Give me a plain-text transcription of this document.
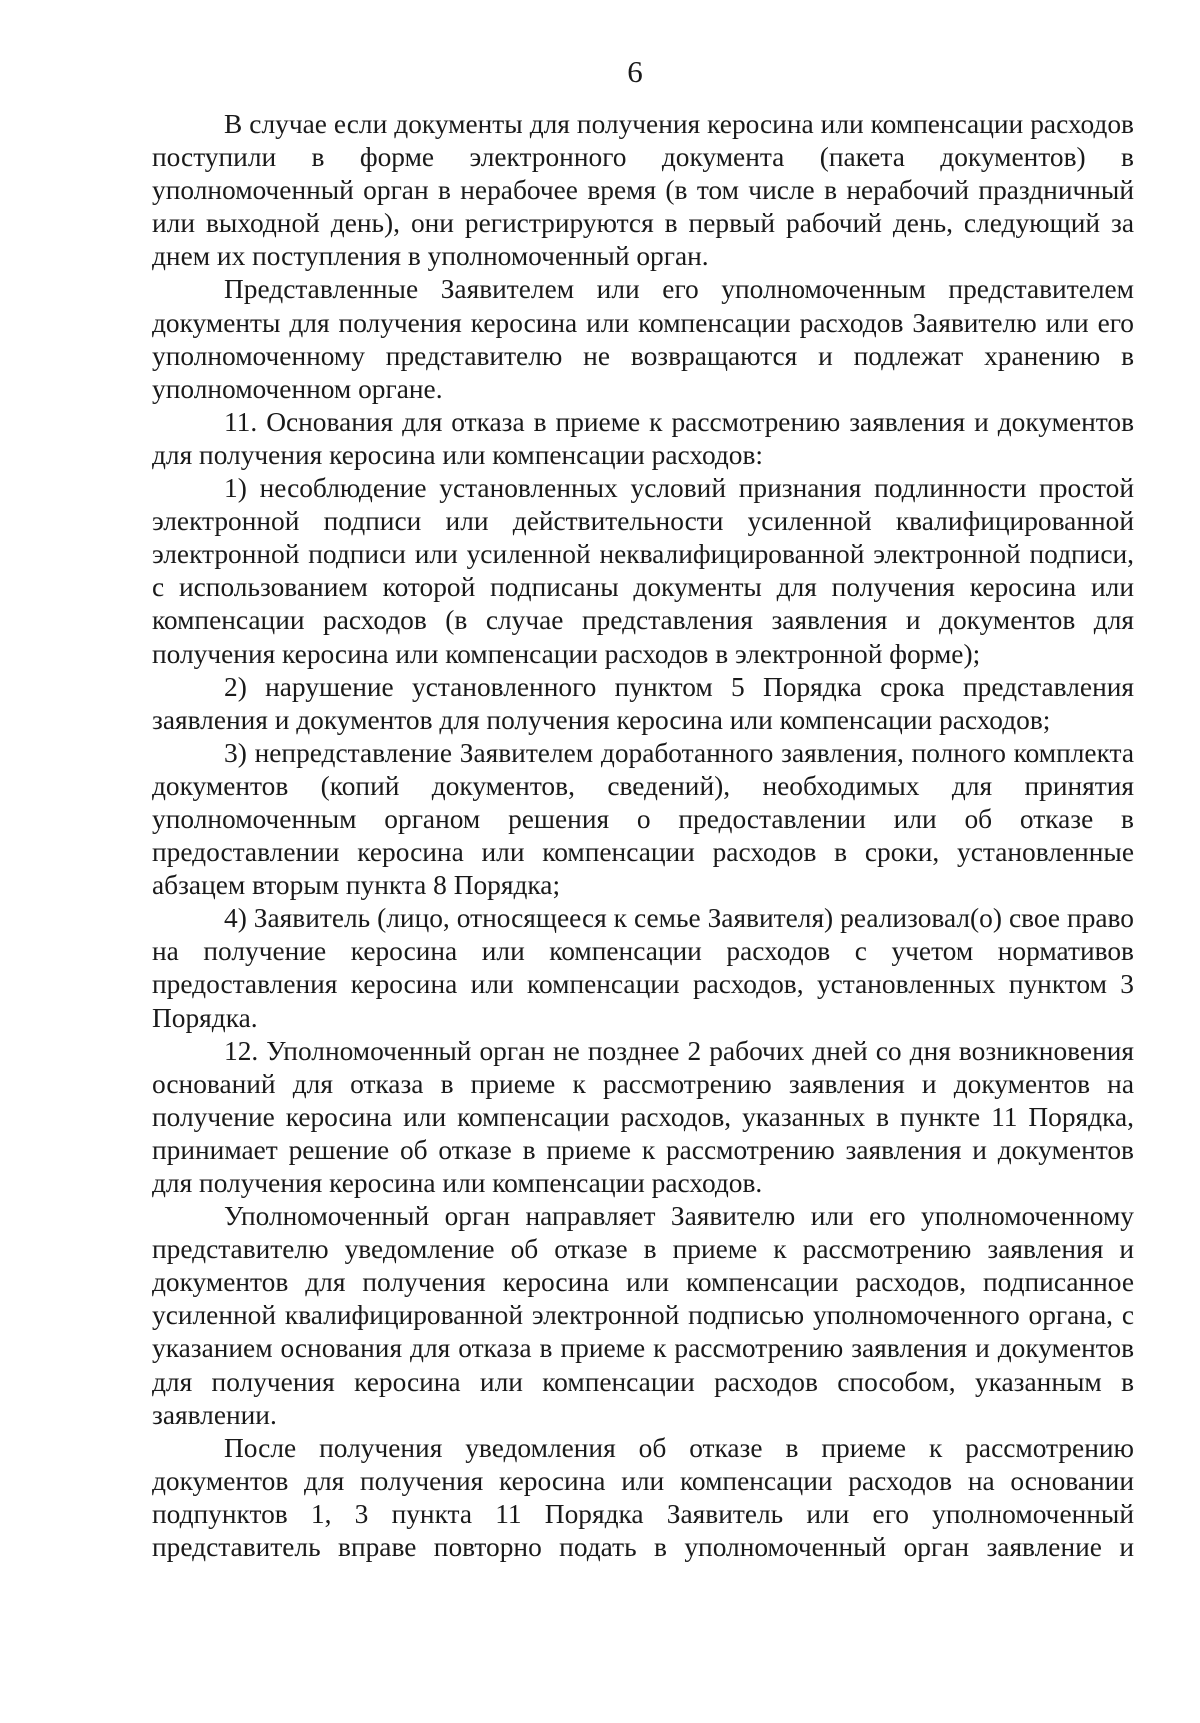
6

В случае если документы для получения керосина или компенсации расходов поступили в форме электронного документа (пакета документов) в уполномоченный орган в нерабочее время (в том числе в нерабочий праздничный или выходной день), они регистрируются в первый рабочий день, следующий за днем их поступления в уполномоченный орган.

Представленные Заявителем или его уполномоченным представителем документы для получения керосина или компенсации расходов Заявителю или его уполномоченному представителю не возвращаются и подлежат хранению в уполномоченном органе.

11. Основания для отказа в приеме к рассмотрению заявления и документов для получения керосина или компенсации расходов:

1) несоблюдение установленных условий признания подлинности простой электронной подписи или действительности усиленной квалифицированной электронной подписи или усиленной неквалифицированной электронной подписи, с использованием которой подписаны документы для получения керосина или компенсации расходов (в случае представления заявления и документов для получения керосина или компенсации расходов в электронной форме);

2) нарушение установленного пунктом 5 Порядка срока представления заявления и документов для получения керосина или компенсации расходов;

3) непредставление Заявителем доработанного заявления, полного комплекта документов (копий документов, сведений), необходимых для принятия уполномоченным органом решения о предоставлении или об отказе в предоставлении керосина или компенсации расходов в сроки, установленные абзацем вторым пункта 8 Порядка;

4) Заявитель (лицо, относящееся к семье Заявителя) реализовал(о) свое право на получение керосина или компенсации расходов с учетом нормативов предоставления керосина или компенсации расходов, установленных пунктом 3 Порядка.

12. Уполномоченный орган не позднее 2 рабочих дней со дня возникновения оснований для отказа в приеме к рассмотрению заявления и документов на получение керосина или компенсации расходов, указанных в пункте 11 Порядка, принимает решение об отказе в приеме к рассмотрению заявления и документов для получения керосина или компенсации расходов.

Уполномоченный орган направляет Заявителю или его уполномоченному представителю уведомление об отказе в приеме к рассмотрению заявления и документов для получения керосина или компенсации расходов, подписанное усиленной квалифицированной электронной подписью уполномоченного органа, с указанием основания для отказа в приеме к рассмотрению заявления и документов для получения керосина или компенсации расходов способом, указанным в заявлении.

После получения уведомления об отказе в приеме к рассмотрению документов для получения керосина или компенсации расходов на основании подпунктов 1, 3 пункта 11 Порядка Заявитель или его уполномоченный представитель вправе повторно подать в уполномоченный орган заявление и
